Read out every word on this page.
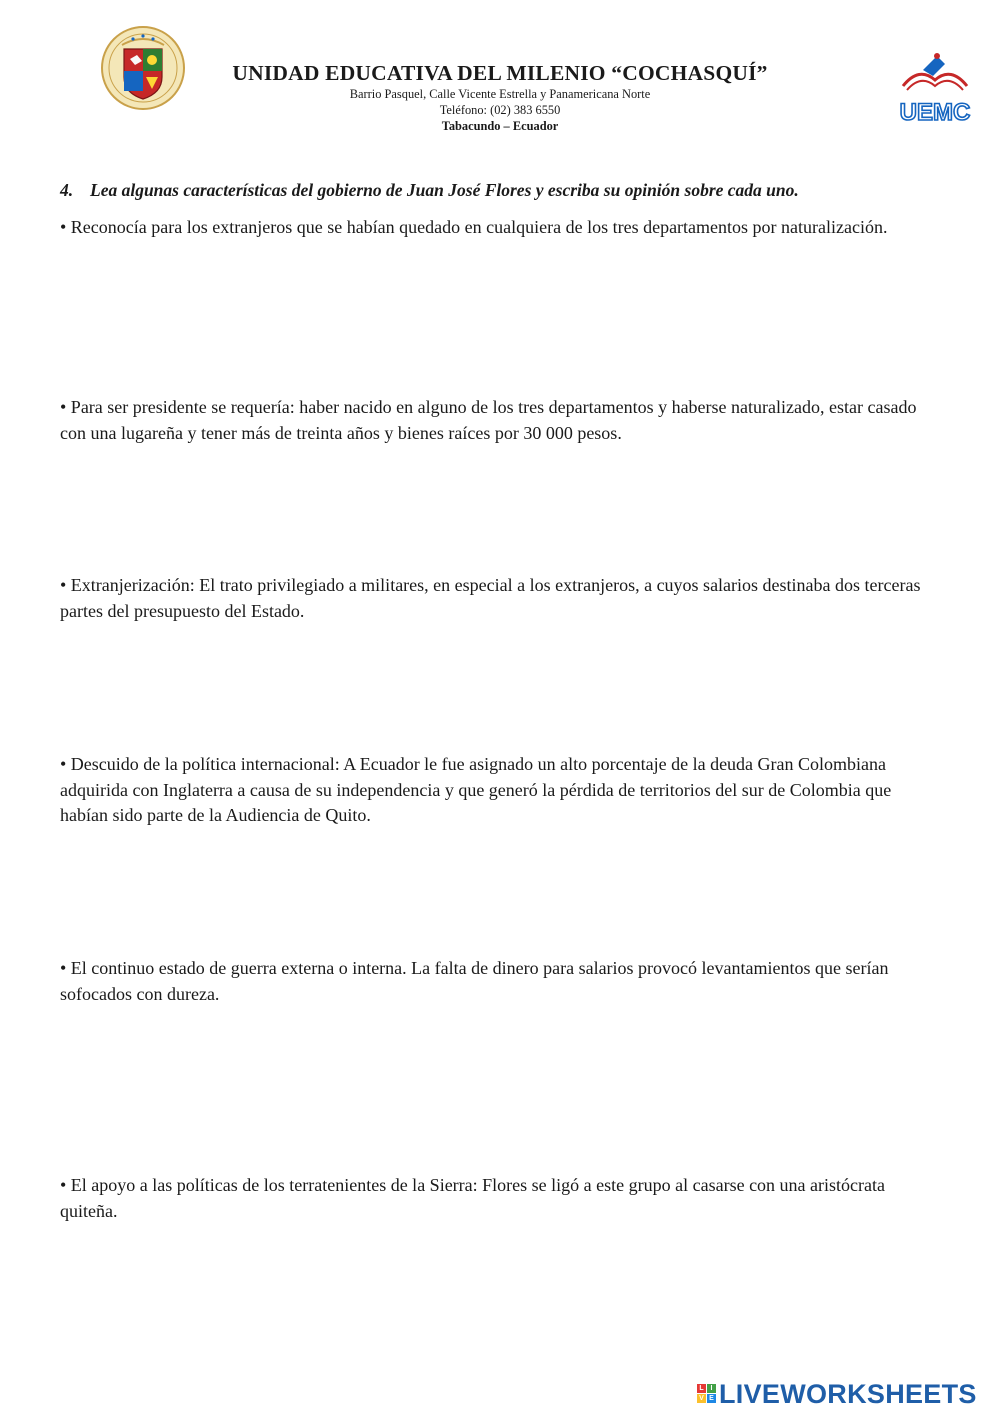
UNIDAD EDUCATIVA DEL MILENIO “COCHASQUÍ”
Barrio Pasquel, Calle Vicente Estrella y Panamericana Norte
Teléfono: (02) 383 6550
Tabacundo – Ecuador	UEMC
4. Lea algunas características del gobierno de Juan José Flores y escriba su opinión sobre cada uno.
• Reconocía para los extranjeros que se habían quedado en cualquiera de los tres departamentos por naturalización.
• Para ser presidente se requería: haber nacido en alguno de los tres departamentos y haberse naturalizado, estar casado con una lugareña y tener más de treinta años y bienes raíces por 30 000 pesos.
• Extranjerización: El trato privilegiado a militares, en especial a los extranjeros, a cuyos salarios destinaba dos terceras partes del presupuesto del Estado.
• Descuido de la política internacional: A Ecuador le fue asignado un alto porcentaje de la deuda Gran Colombiana adquirida con Inglaterra a causa de su independencia y que generó la pérdida de territorios del sur de Colombia que habían sido parte de la Audiencia de Quito.
• El continuo estado de guerra externa o interna. La falta de dinero para salarios provocó levantamientos que serían sofocados con dureza.
• El apoyo a las políticas de los terratenientes de la Sierra: Flores se ligó a este grupo al casarse con una aristócrata quiteña.
L I
V E LIVEWORKSHEETS
